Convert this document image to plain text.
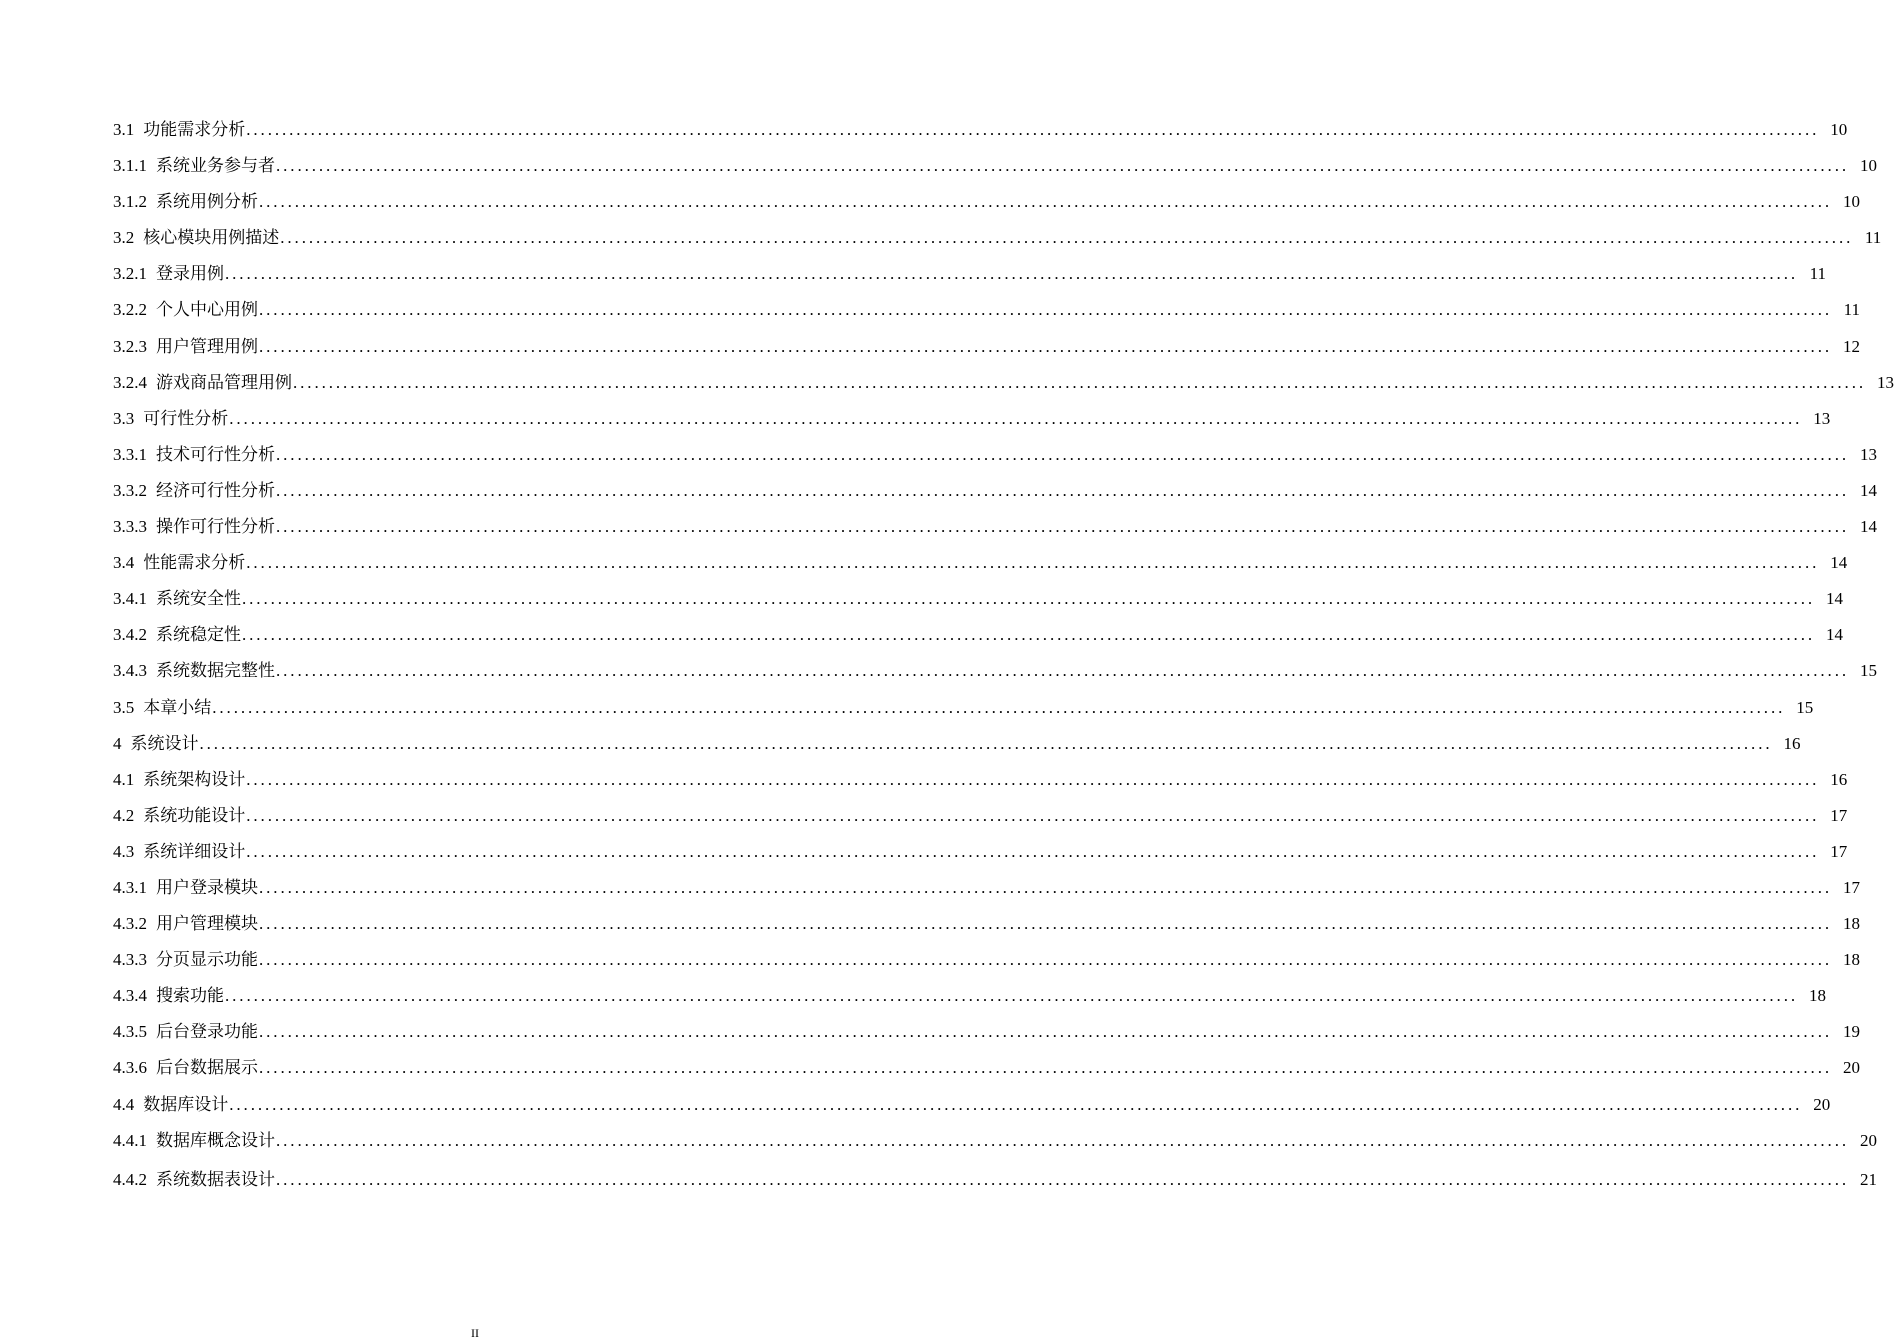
3.1 功能需求分析 ............................................................................................................................................................................................................................ 10
3.1.1 系统业务参与者 ............................................................................................................................................................................................................................ 10
3.1.2 系统用例分析 ............................................................................................................................................................................................................................ 10
3.2 核心模块用例描述 ............................................................................................................................................................................................................................ 11
3.2.1 登录用例 ............................................................................................................................................................................................................................ 11
3.2.2 个人中心用例 ............................................................................................................................................................................................................................ 11
3.2.3 用户管理用例 ............................................................................................................................................................................................................................ 12
3.2.4 游戏商品管理用例 ............................................................................................................................................................................................................................ 13
3.3 可行性分析 ............................................................................................................................................................................................................................ 13
3.3.1 技术可行性分析 ............................................................................................................................................................................................................................ 13
3.3.2 经济可行性分析 ............................................................................................................................................................................................................................ 14
3.3.3 操作可行性分析 ............................................................................................................................................................................................................................ 14
3.4 性能需求分析 ............................................................................................................................................................................................................................ 14
3.4.1 系统安全性 ............................................................................................................................................................................................................................ 14
3.4.2 系统稳定性 ............................................................................................................................................................................................................................ 14
3.4.3 系统数据完整性 ............................................................................................................................................................................................................................ 15
3.5 本章小结 ............................................................................................................................................................................................................................ 15
4 系统设计 ............................................................................................................................................................................................................................ 16
4.1 系统架构设计 ............................................................................................................................................................................................................................ 16
4.2 系统功能设计 ............................................................................................................................................................................................................................ 17
4.3 系统详细设计 ............................................................................................................................................................................................................................ 17
4.3.1 用户登录模块 ............................................................................................................................................................................................................................ 17
4.3.2 用户管理模块 ............................................................................................................................................................................................................................ 18
4.3.3 分页显示功能 ............................................................................................................................................................................................................................ 18
4.3.4 搜索功能 ............................................................................................................................................................................................................................ 18
4.3.5 后台登录功能 ............................................................................................................................................................................................................................ 19
4.3.6 后台数据展示 ............................................................................................................................................................................................................................ 20
4.4 数据库设计 ............................................................................................................................................................................................................................ 20
4.4.1 数据库概念设计 ............................................................................................................................................................................................................................ 20
4.4.2 系统数据表设计 ............................................................................................................................................................................................................................ 21
II
